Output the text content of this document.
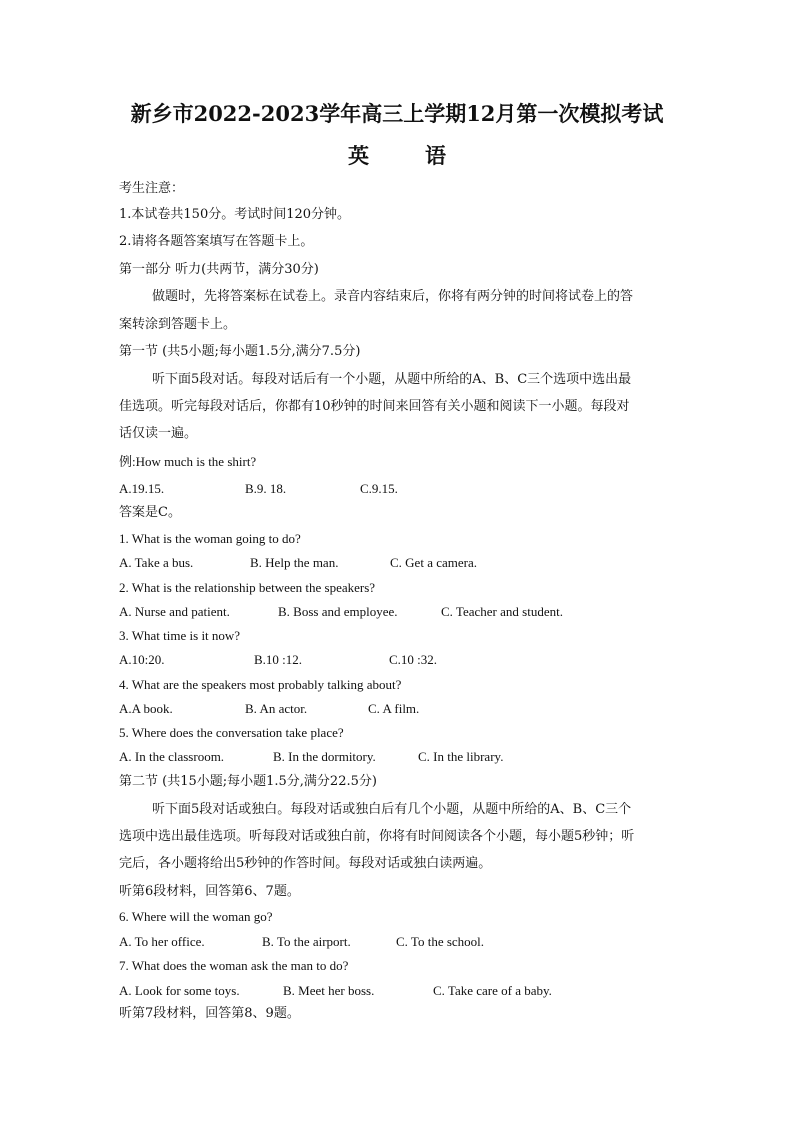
新乡市2022-2023学年高三上学期12月第一次模拟考试
英	语
考生注意：
1.本试卷共150分。考试时间120分钟。
2.请将各题答案填写在答题卡上。
第一部分 听力(共两节，满分30分)
做题时，先将答案标在试卷上。录音内容结束后，你将有两分钟的时间将试卷上的答
案转涂到答题卡上。
第一节 (共5小题;每小题1.5分,满分7.5分)
听下面5段对话。每段对话后有一个小题，从题中所给的A、B、C三个选项中选出最
佳选项。听完每段对话后，你都有10秒钟的时间来回答有关小题和阅读下一小题。每段对
话仅读一遍。
例:How much is the shirt?
A.19.15.	B.9. 18.	C.9.15.
答案是C。
1. What is the woman going to do?
A. Take a bus.	B. Help the man.	C. Get a camera.
2. What is the relationship between the speakers?
A. Nurse and patient.	B. Boss and employee.	C. Teacher and student.
3. What time is it now?
A.10:20.	B.10 :12.	C.10 :32.
4. What are the speakers most probably talking about?
A.A book.	B. An actor.	C. A film.
5. Where does the conversation take place?
A. In the classroom.	B. In the dormitory.	C. In the library.
第二节 (共15小题;每小题1.5分,满分22.5分)
听下面5段对话或独白。每段对话或独白后有几个小题，从题中所给的A、B、C三个
选项中选出最佳选项。听每段对话或独白前，你将有时间阅读各个小题，每小题5秒钟；听
完后，各小题将给出5秒钟的作答时间。每段对话或独白读两遍。
听第6段材料，回答第6、7题。
6. Where will the woman go?
A. To her office.	B. To the airport.	C. To the school.
7. What does the woman ask the man to do?
A. Look for some toys.	B. Meet her boss.	C. Take care of a baby.
听第7段材料，回答第8、9题。
